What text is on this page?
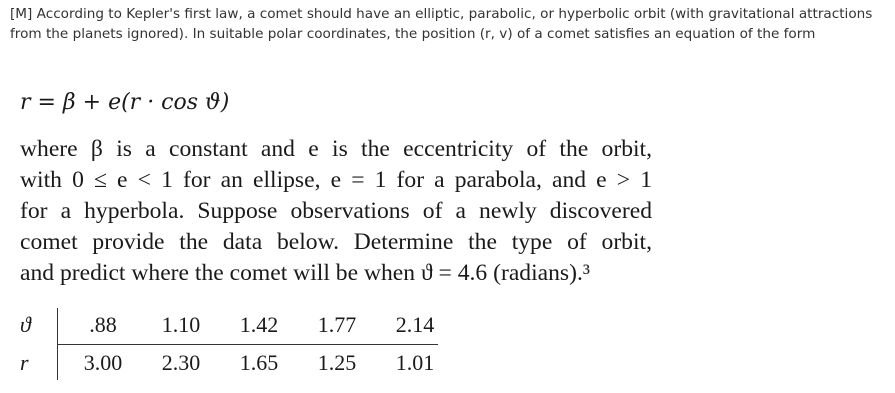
[M] According to Kepler's first law, a comet should have an elliptic, parabolic, or hyperbolic orbit (with gravitational attractions from the planets ignored). In suitable polar coordinates, the position (r, v) of a comet satisfies an equation of the form
r = β + e(r · cos ϑ)
where β is a constant and e is the eccentricity of the orbit,
with 0 ≤ e < 1 for an ellipse, e = 1 for a parabola, and e > 1
for a hyperbola. Suppose observations of a newly discovered
comet provide the data below. Determine the type of orbit,
and predict where the comet will be when ϑ = 4.6 (radians).³
ϑ	.88	1.10	1.42	1.77	2.14
r	3.00	2.30	1.65	1.25	1.01
